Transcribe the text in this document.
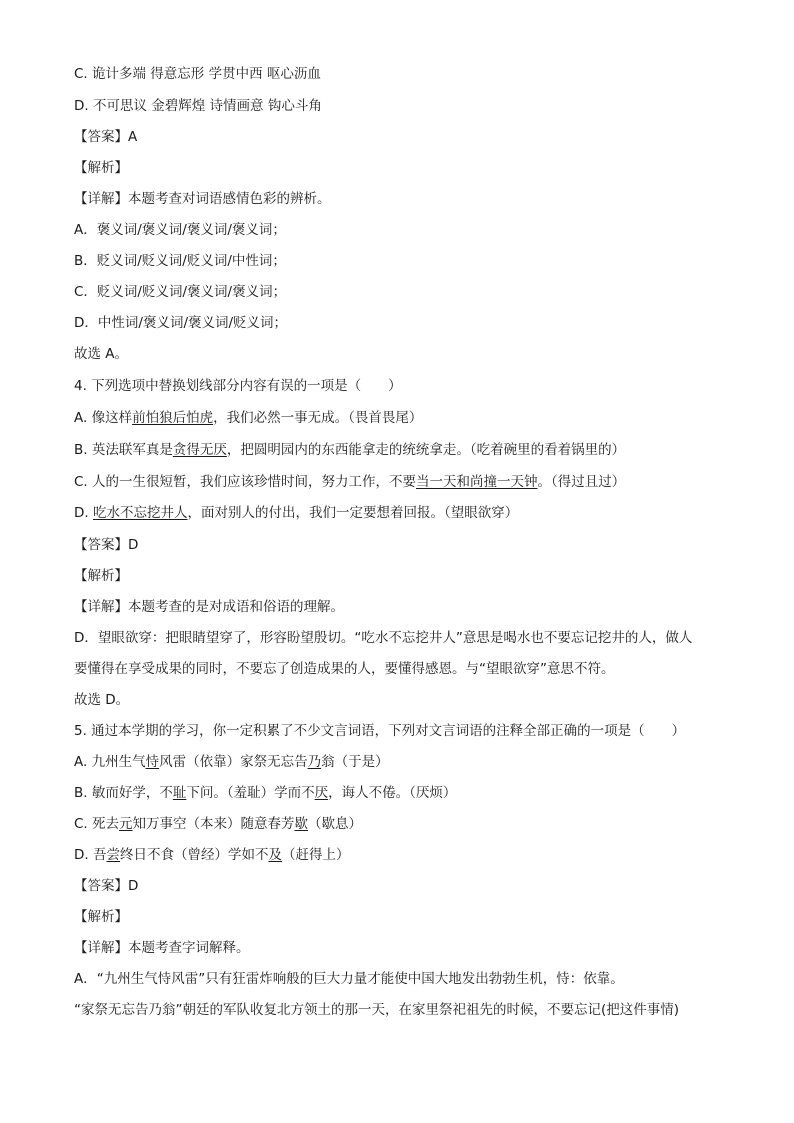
C. 诡计多端 得意忘形 学贯中西 呕心沥血
D. 不可思议 金碧辉煌 诗情画意 钩心斗角
【答案】A
【解析】
【详解】本题考查对词语感情色彩的辨析。
A．褒义词/褒义词/褒义词/褒义词；
B．贬义词/贬义词/贬义词/中性词；
C．贬义词/贬义词/褒义词/褒义词；
D．中性词/褒义词/褒义词/贬义词；
故选 A。
4. 下列选项中替换划线部分内容有误的一项是（　　）
A. 像这样前怕狼后怕虎，我们必然一事无成。（畏首畏尾）
B. 英法联军真是贪得无厌，把圆明园内的东西能拿走的统统拿走。（吃着碗里的看着锅里的）
C. 人的一生很短暂，我们应该珍惜时间，努力工作，不要当一天和尚撞一天钟。（得过且过）
D. 吃水不忘挖井人，面对别人的付出，我们一定要想着回报。（望眼欲穿）
【答案】D
【解析】
【详解】本题考查的是对成语和俗语的理解。
D．望眼欲穿：把眼睛望穿了，形容盼望殷切。“吃水不忘挖井人”意思是喝水也不要忘记挖井的人，做人
要懂得在享受成果的同时，不要忘了创造成果的人，要懂得感恩。与“望眼欲穿”意思不符。
故选 D。
5. 通过本学期的学习，你一定积累了不少文言词语，下列对文言词语的注释全部正确的一项是（　　）
A. 九州生气恃风雷（依靠）家祭无忘告乃翁（于是）
B. 敏而好学，不耻下问。（羞耻）学而不厌，诲人不倦。（厌烦）
C. 死去元知万事空（本来）随意春芳歇（歇息）
D. 吾尝终日不食（曾经）学如不及（赶得上）
【答案】D
【解析】
【详解】本题考查字词解释。
A．“九州生气恃风雷”只有狂雷炸响般的巨大力量才能使中国大地发出勃勃生机，恃：依靠。
“家祭无忘告乃翁”朝廷的军队收复北方领土的那一天，在家里祭祀祖先的时候，不要忘记(把这件事情)
